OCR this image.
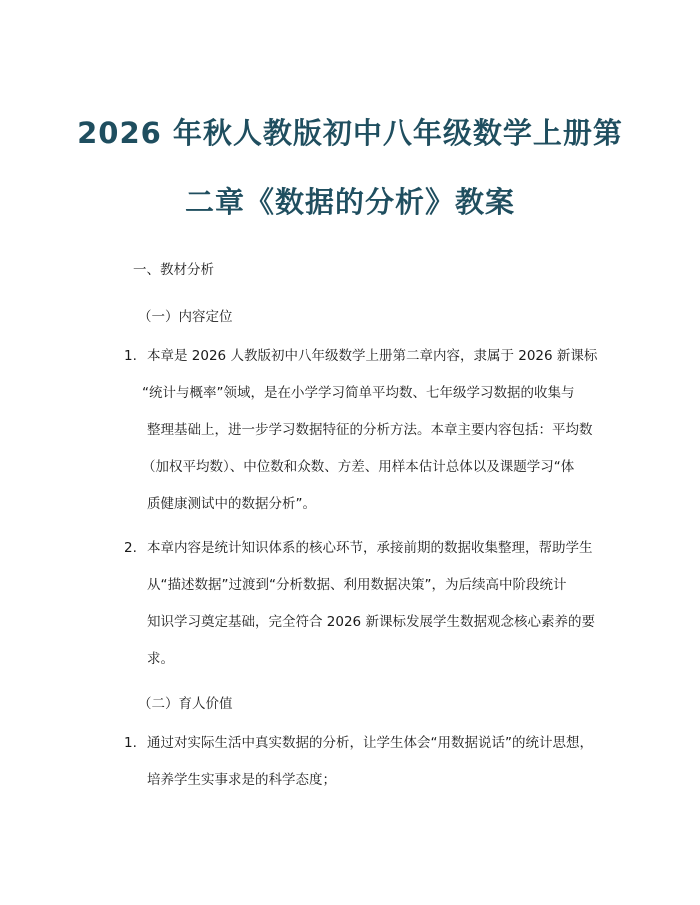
2026 年秋人教版初中八年级数学上册第
二章《数据的分析》教案
一、教材分析
（一）内容定位
1. 本章是 2026 人教版初中八年级数学上册第二章内容，隶属于 2026 新课标
“统计与概率”领域，是在小学学习简单平均数、七年级学习数据的收集与
整理基础上，进一步学习数据特征的分析方法。本章主要内容包括：平均数
（加权平均数）、中位数和众数、方差、用样本估计总体以及课题学习“体
质健康测试中的数据分析”。
2. 本章内容是统计知识体系的核心环节，承接前期的数据收集整理，帮助学生
从“描述数据”过渡到“分析数据、利用数据决策”，为后续高中阶段统计
知识学习奠定基础，完全符合 2026 新课标发展学生数据观念核心素养的要
求。
（二）育人价值
1. 通过对实际生活中真实数据的分析，让学生体会“用数据说话”的统计思想，
培养学生实事求是的科学态度；
